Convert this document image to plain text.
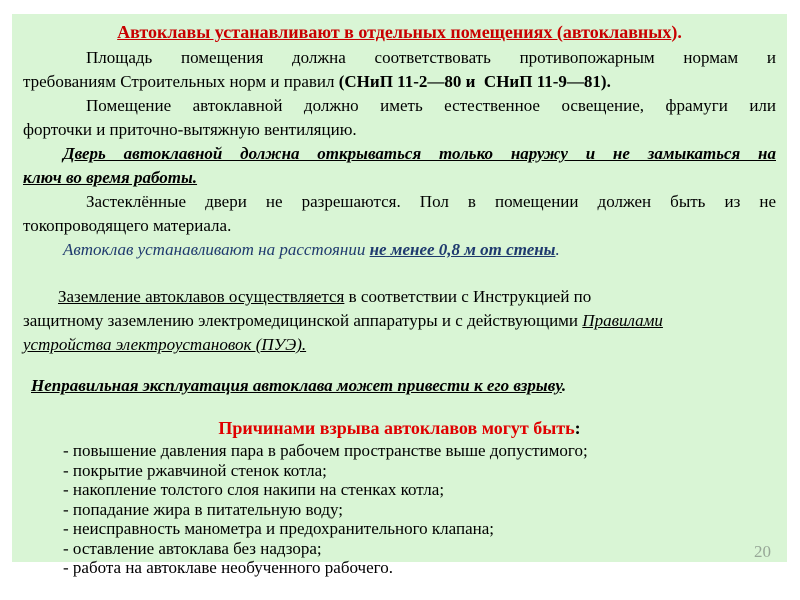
Автоклавы устанавливают в отдельных помещениях (автоклавных).
Площадь помещения должна соответствовать противопожарным нормам и
требованиям Строительных норм и правил (СНиП 11-2—80 и  СНиП 11-9—81).
Помещение автоклавной должно иметь естественное освещение, фрамуги или
форточки и приточно-вытяжную вентиляцию.
Дверь автоклавной должна открываться только наружу и не замыкаться на
ключ во время работы.
Застеклённые двери не разрешаются. Пол в помещении должен быть из не
токопроводящего материала.
Автоклав устанавливают на расстоянии не менее 0,8 м от стены.
Заземление автоклавов осуществляется в соответствии с Инструкцией по
защитному заземлению электромедицинской аппаратуры и с действующими Правилами
устройства электроустановок (ПУЭ).
Неправильная эксплуатация автоклава может привести к его взрыву.
Причинами взрыва автоклавов могут быть:
- повышение давления пара в рабочем пространстве выше допустимого;
- покрытие ржавчиной стенок котла;
- накопление толстого слоя накипи на стенках котла;
- попадание жира в питательную воду;
- неисправность манометра и предохранительного клапана;
- оставление автоклава без надзора;
- работа на автоклаве необученного рабочего.
20
